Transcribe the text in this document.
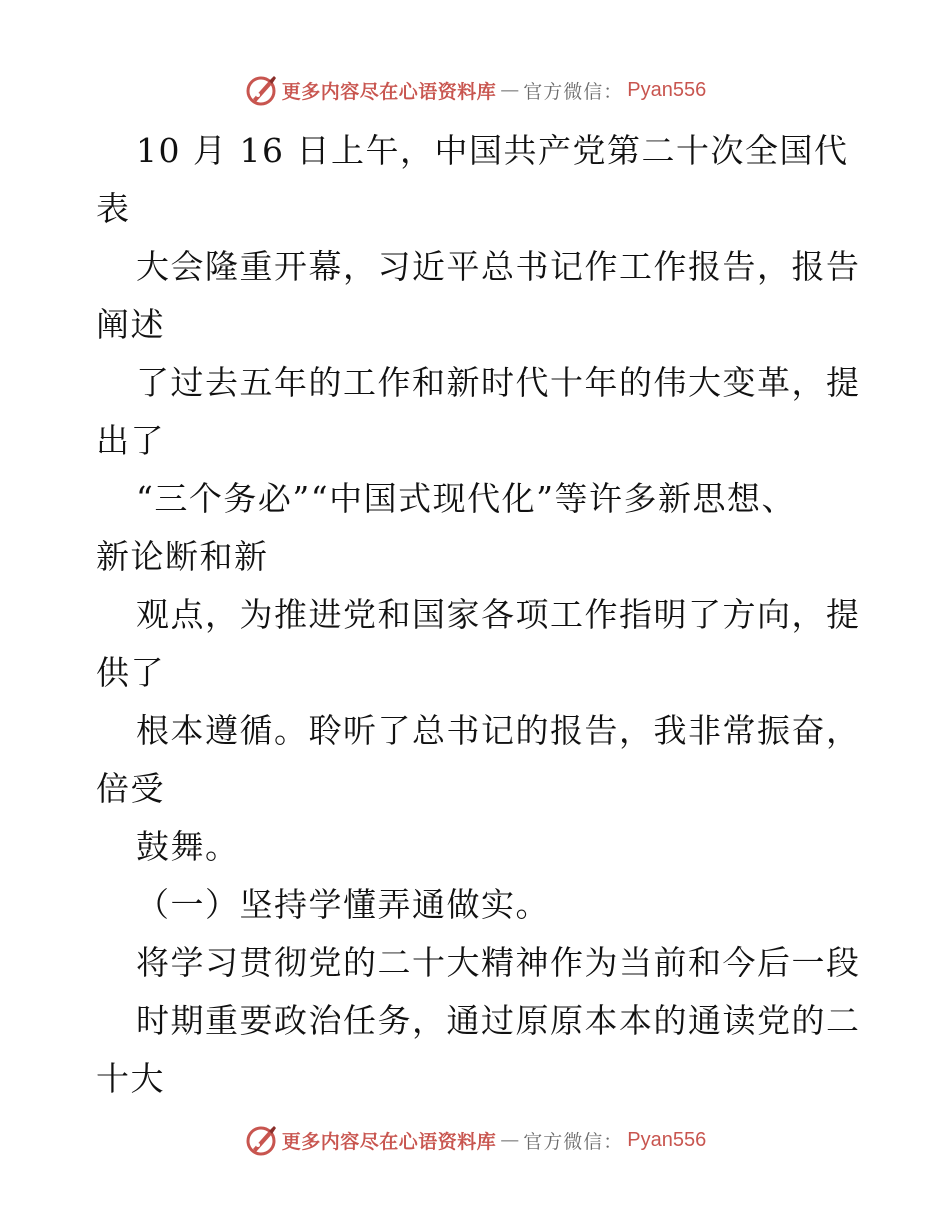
更多内容尽在心语资料库 — 官方微信： Pyan556
10 月 16 日上午，中国共产党第二十次全国代
表
大会隆重开幕，习近平总书记作工作报告，报告
阐述
了过去五年的工作和新时代十年的伟大变革，提
出了
“三个务必”“中国式现代化”等许多新思想、
新论断和新
观点，为推进党和国家各项工作指明了方向，提
供了
根本遵循。聆听了总书记的报告，我非常振奋，
倍受
鼓舞。
（一）坚持学懂弄通做实。
将学习贯彻党的二十大精神作为当前和今后一段
时期重要政治任务，通过原原本本的通读党的二
十大
更多内容尽在心语资料库 — 官方微信： Pyan556
